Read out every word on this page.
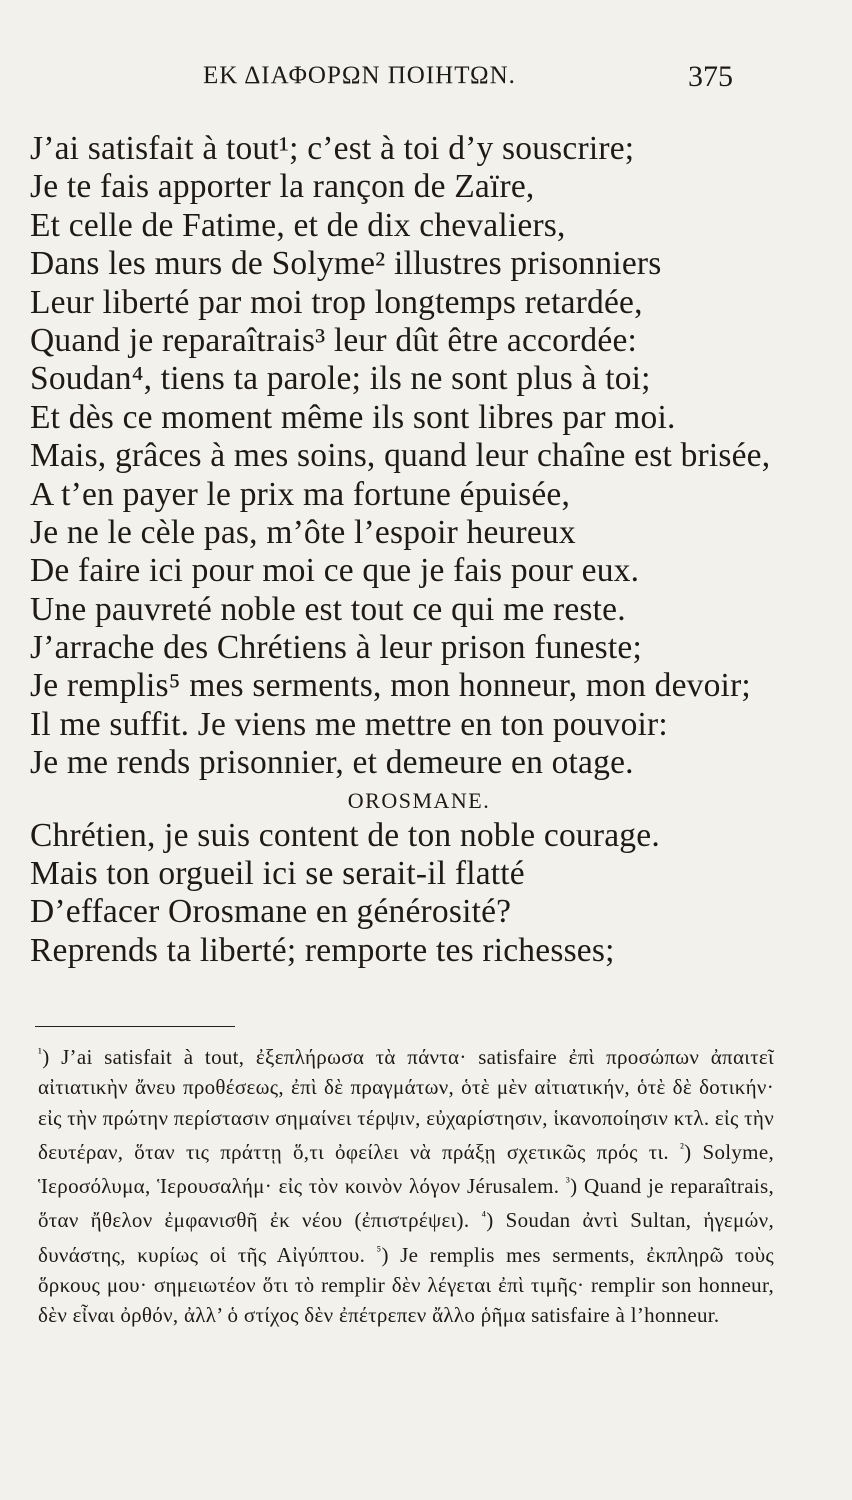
ΕΚ ΔΙΑΦΟΡΩΝ ΠΟΙΗΤΩΝ.	375
J’ai satisfait à tout¹; c’est à toi d’y souscrire;
Je te fais apporter la rançon de Zaïre,
Et celle de Fatime, et de dix chevaliers,
Dans les murs de Solyme² illustres prisonniers
Leur liberté par moi trop longtemps retardée,
Quand je reparaîtrais³ leur dût être accordée:
Soudan⁴, tiens ta parole; ils ne sont plus à toi;
Et dès ce moment même ils sont libres par moi.
Mais, grâces à mes soins, quand leur chaîne est brisée,
A t’en payer le prix ma fortune épuisée,
Je ne le cèle pas, m’ôte l’espoir heureux
De faire ici pour moi ce que je fais pour eux.
Une pauvreté noble est tout ce qui me reste.
J’arrache des Chrétiens à leur prison funeste;
Je remplis⁵ mes serments, mon honneur, mon devoir;
Il me suffit. Je viens me mettre en ton pouvoir:
Je me rends prisonnier, et demeure en otage.
OROSMANE.
Chrétien, je suis content de ton noble courage.
Mais ton orgueil ici se serait-il flatté
D’effacer Orosmane en générosité?
Reprends ta liberté; remporte tes richesses;
$^{^1}$) J’ai satisfait à tout, ἐξεπλήρωσα τὰ πάντα· satisfaire ἐπὶ προσώπων ἀπαιτεῖ αἰτιατικὴν ἄνευ προθέσεως, ἐπὶ δὲ πραγμάτων, ὁτὲ μὲν αἰτιατικήν, ὁτὲ δὲ δοτικήν· εἰς τὴν πρώτην περίστασιν σημαίνει τέρψιν, εὐχαρίστησιν, ἱκανοποίησιν κτλ. εἰς τὴν δευτέραν, ὅταν τις πράττῃ ὅ,τι ὀφείλει νὰ πράξῃ σχετικῶς πρός τι. $^{^2}$) Solyme, Ἱεροσόλυμα, Ἱερουσαλήμ· εἰς τὸν κοινὸν λόγον Jérusalem. $^{^3}$) Quand je reparaîtrais, ὅταν ἤθελον ἐμφανισθῆ ἐκ νέου (ἐπιστρέψει). $^{^4}$) Soudan ἀντὶ Sultan, ἡγεμών, δυνάστης, κυρίως οἱ τῆς Αἰγύπτου. $^{^5}$) Je remplis mes serments, ἐκπληρῶ τοὺς ὅρκους μου· σημειωτέον ὅτι τὸ remplir δὲν λέγεται ἐπὶ τιμῆς· remplir son honneur, δὲν εἶναι ὀρθόν, ἀλλ’ ὁ στίχος δὲν ἐπέτρεπεν ἄλλο ῥῆμα satisfaire à l’honneur.
